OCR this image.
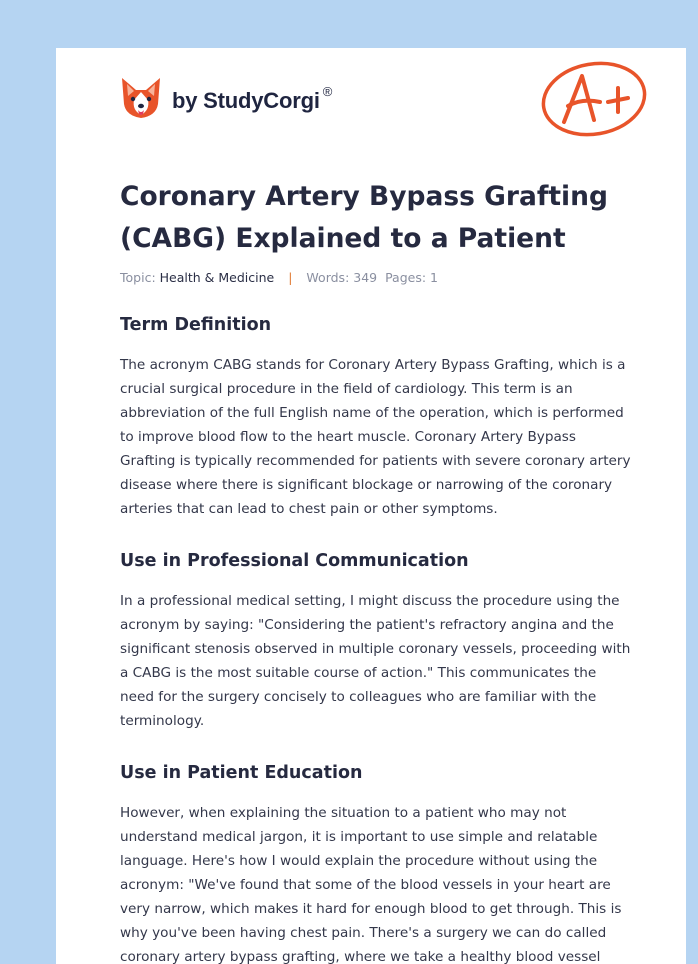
by StudyCorgi ®
Coronary Artery Bypass Grafting (CABG) Explained to a Patient
Topic: Health & Medicine | Words: 349 Pages: 1
Term Definition

The acronym CABG stands for Coronary Artery Bypass Grafting, which is a crucial surgical procedure in the field of cardiology. This term is an abbreviation of the full English name of the operation, which is performed to improve blood flow to the heart muscle. Coronary Artery Bypass Grafting is typically recommended for patients with severe coronary artery disease where there is significant blockage or narrowing of the coronary arteries that can lead to chest pain or other symptoms.

Use in Professional Communication

In a professional medical setting, I might discuss the procedure using the acronym by saying: "Considering the patient's refractory angina and the significant stenosis observed in multiple coronary vessels, proceeding with a CABG is the most suitable course of action." This communicates the need for the surgery concisely to colleagues who are familiar with the terminology.

Use in Patient Education

However, when explaining the situation to a patient who may not understand medical jargon, it is important to use simple and relatable language. Here's how I would explain the procedure without using the acronym: "We've found that some of the blood vessels in your heart are very narrow, which makes it hard for enough blood to get through. This is why you've been having chest pain. There's a surgery we can do called coronary artery bypass grafting, where we take a healthy blood vessel
